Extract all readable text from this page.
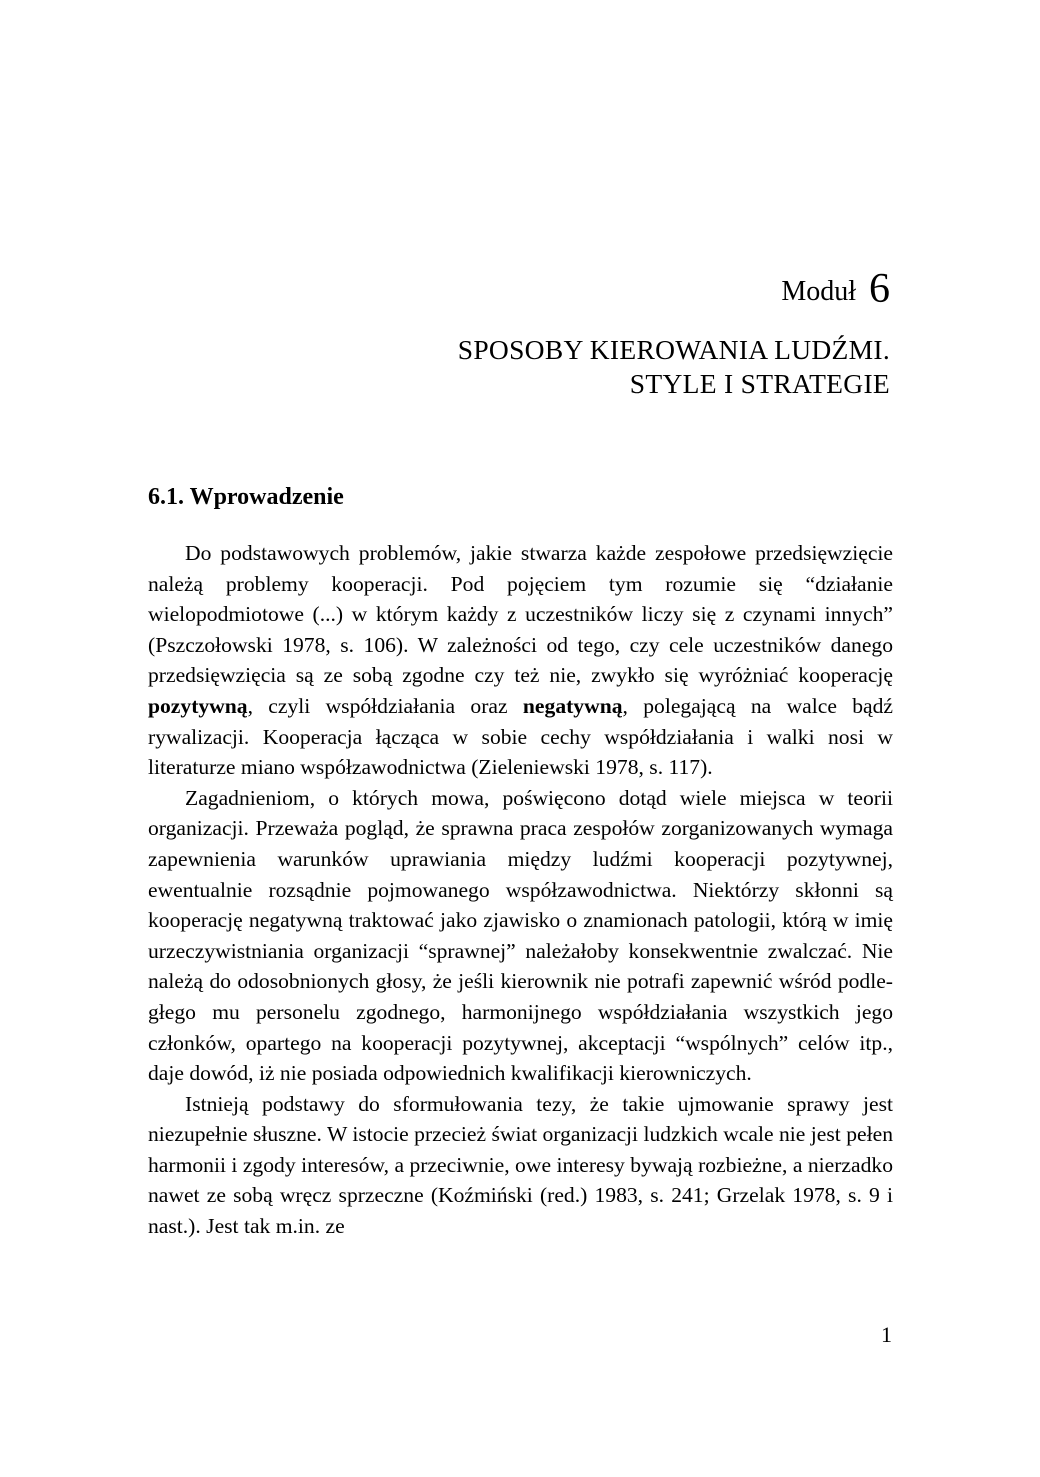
Moduł 6
SPOSOBY KIEROWANIA LUDŹMI.
STYLE I STRATEGIE
6.1. Wprowadzenie

Do podstawowych problemów, jakie stwarza każde zespołowe przedsięwzięcie należą problemy kooperacji. Pod pojęciem tym rozumie się “działanie wielopodmiotowe (...) w którym każdy z uczestników liczy się z czynami innych” (Pszczołowski 1978, s. 106). W zależności od tego, czy cele uczestników danego przedsięwzięcia są ze sobą zgodne czy też nie, zwykło się wyróżniać kooperację pozytywną, czyli współdziałania oraz negatywną, polegającą na walce bądź rywalizacji. Kooperacja łącząca w sobie cechy współdziałania i walki nosi w literaturze miano współzawodnictwa (Zieleniewski 1978, s. 117).

Zagadnieniom, o których mowa, poświęcono dotąd wiele miejsca w teorii organizacji. Przeważa pogląd, że sprawna praca zespołów zorganizowanych wymaga zapewnienia warunków uprawiania między ludźmi kooperacji pozytywnej, ewentualnie rozsądnie pojmowanego współzawodnictwa. Niektórzy skłonni są kooperację negatywną traktować jako zjawisko o znamionach patologii, którą w imię urzeczywistniania organizacji “sprawnej” należałoby konsekwentnie zwalczać. Nie należą do odosobnionych głosy, że jeśli kierownik nie potrafi zapewnić wśród podległego mu personelu zgodnego, harmonijnego współdziałania wszystkich jego członków, opartego na kooperacji pozytywnej, akceptacji “wspólnych” celów itp., daje dowód, iż nie posiada odpowiednich kwalifikacji kierowniczych.

Istnieją podstawy do sformułowania tezy, że takie ujmowanie sprawy jest niezupełnie słuszne. W istocie przecież świat organizacji ludzkich wcale nie jest pełen harmonii i zgody interesów, a przeciwnie, owe interesy bywają rozbieżne, a nierzadko nawet ze sobą wręcz sprzeczne (Koźmiński (red.) 1983, s. 241; Grzelak 1978, s. 9 i nast.). Jest tak m.in. ze

1
